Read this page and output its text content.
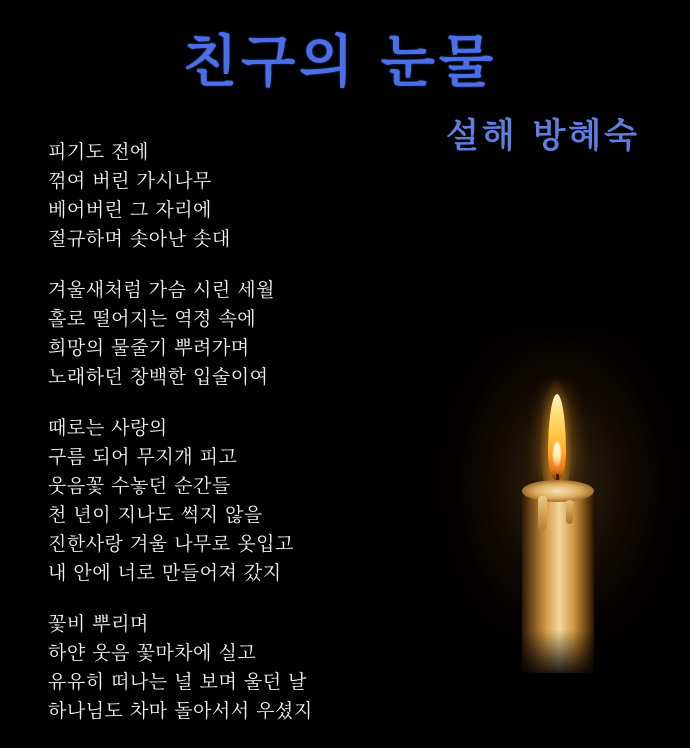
친구의 눈물
설해 방혜숙
피기도 전에
꺾여 버린 가시나무
베어버린 그 자리에
절규하며 솟아난 솟대
겨울새처럼 가슴 시린 세월
홀로 떨어지는 역정 속에
희망의 물줄기 뿌려가며
노래하던 창백한 입술이여
때로는 사랑의
구름 되어 무지개 피고
웃음꽃 수놓던 순간들
천 년이 지나도 썩지 않을
진한사랑 겨울 나무로 옷입고
내 안에 너로 만들어져 갔지
꽃비 뿌리며
하얀 웃음 꽃마차에 실고
유유히 떠나는 널 보며 울던 날
하나님도 차마 돌아서서 우셨지
